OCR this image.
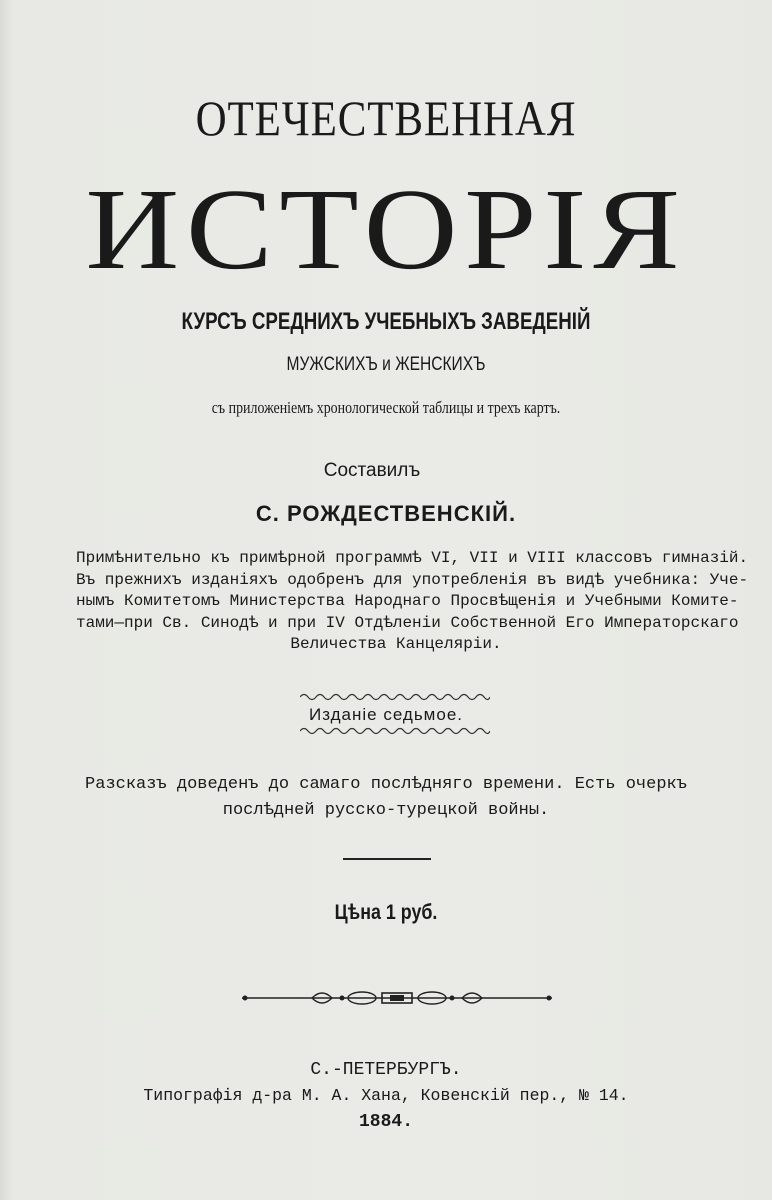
ОТЕЧЕСТВЕННАЯ
ИСТОРІЯ
КУРСЪ СРЕДНИХЪ УЧЕБНЫХЪ ЗАВЕДЕНІЙ
МУЖСКИХЪ и ЖЕНСКИХЪ
съ приложеніемъ хронологической таблицы и трехъ картъ.
Составилъ
С. РОЖДЕСТВЕНСКІЙ.
Примѣнительно къ примѣрной программѣ VI, VII и VIII классовъ гимназій.
Въ прежнихъ изданіяхъ одобренъ для употребленія въ видѣ учебника: Уче-
нымъ Комитетомъ Министерства Народнаго Просвѣщенія и Учебными Комите-
тами—при Св. Синодѣ и при IV Отдѣленіи Собственной Его Императорскаго
Величества Канцеляріи.
Изданіе седьмое.
Разсказъ доведенъ до самаго послѣдняго времени. Есть очеркъ
послѣдней русско-турецкой войны.
Цѣна 1 руб.
С.-ПЕТЕРБУРГЪ.
Типографія д-ра М. А. Хана, Ковенскій пер., № 14.
1884.
